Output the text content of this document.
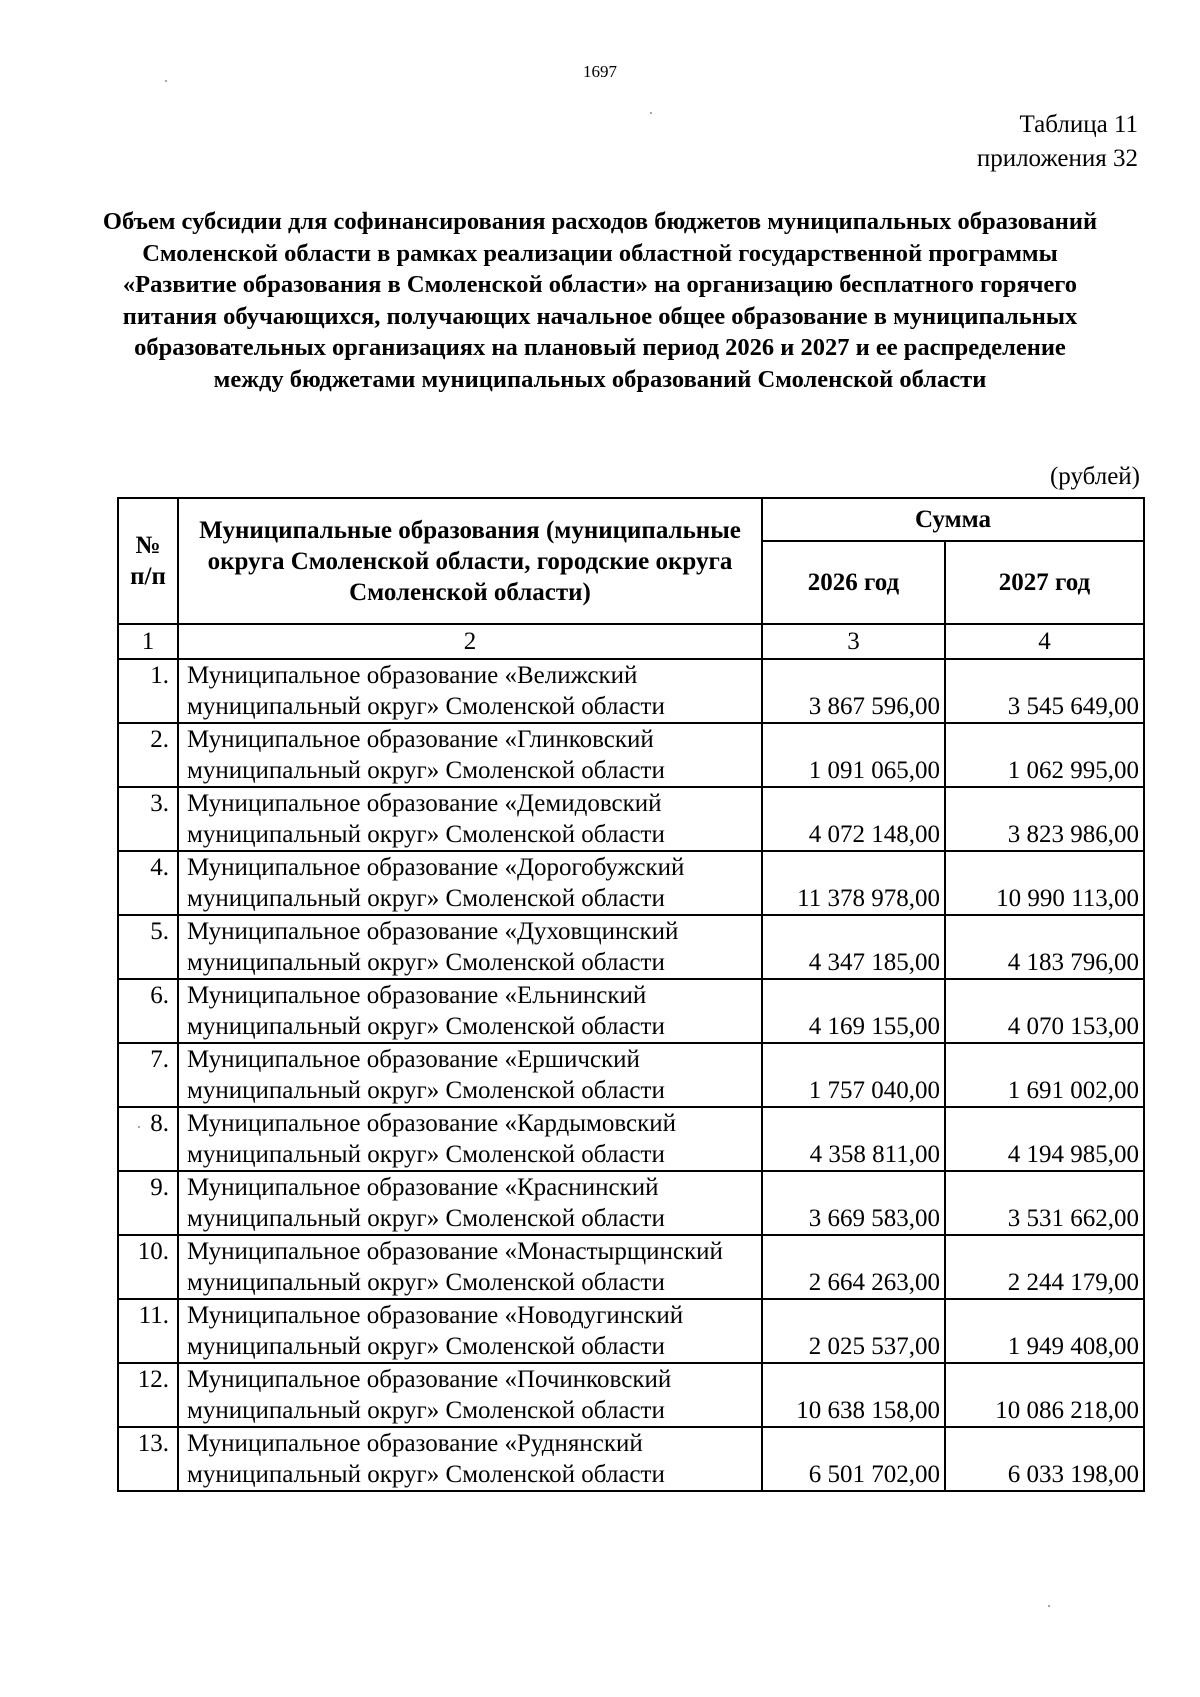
1697
Таблица 11
приложения 32
Объем субсидии для софинансирования расходов бюджетов муниципальных образований Смоленской области в рамках реализации областной государственной программы «Развитие образования в Смоленской области» на организацию бесплатного горячего питания обучающихся, получающих начальное общее образование в муниципальных образовательных организациях на плановый период 2026 и 2027 и ее распределение между бюджетами муниципальных образований Смоленской области
(рублей)
№ п/п	Муниципальные образования (муниципальные округа Смоленской области, городские округа Смоленской области)	Сумма	
		2026 год	2027 год
1	2	3	4
1.	Муниципальное образование «Велижский муниципальный округ» Смоленской области	3 867 596,00	3 545 649,00
2.	Муниципальное образование «Глинковский муниципальный округ» Смоленской области	1 091 065,00	1 062 995,00
3.	Муниципальное образование «Демидовский муниципальный округ» Смоленской области	4 072 148,00	3 823 986,00
4.	Муниципальное образование «Дорогобужский муниципальный округ» Смоленской области	11 378 978,00	10 990 113,00
5.	Муниципальное образование «Духовщинский муниципальный округ» Смоленской области	4 347 185,00	4 183 796,00
6.	Муниципальное образование «Ельнинский муниципальный округ» Смоленской области	4 169 155,00	4 070 153,00
7.	Муниципальное образование «Ершичский муниципальный округ» Смоленской области	1 757 040,00	1 691 002,00
8.	Муниципальное образование «Кардымовский муниципальный округ» Смоленской области	4 358 811,00	4 194 985,00
9.	Муниципальное образование «Краснинский муниципальный округ» Смоленской области	3 669 583,00	3 531 662,00
10.	Муниципальное образование «Монастырщинский муниципальный округ» Смоленской области	2 664 263,00	2 244 179,00
11.	Муниципальное образование «Новодугинский муниципальный округ» Смоленской области	2 025 537,00	1 949 408,00
12.	Муниципальное образование «Починковский муниципальный округ» Смоленской области	10 638 158,00	10 086 218,00
13.	Муниципальное образование «Руднянский муниципальный округ» Смоленской области	6 501 702,00	6 033 198,00
